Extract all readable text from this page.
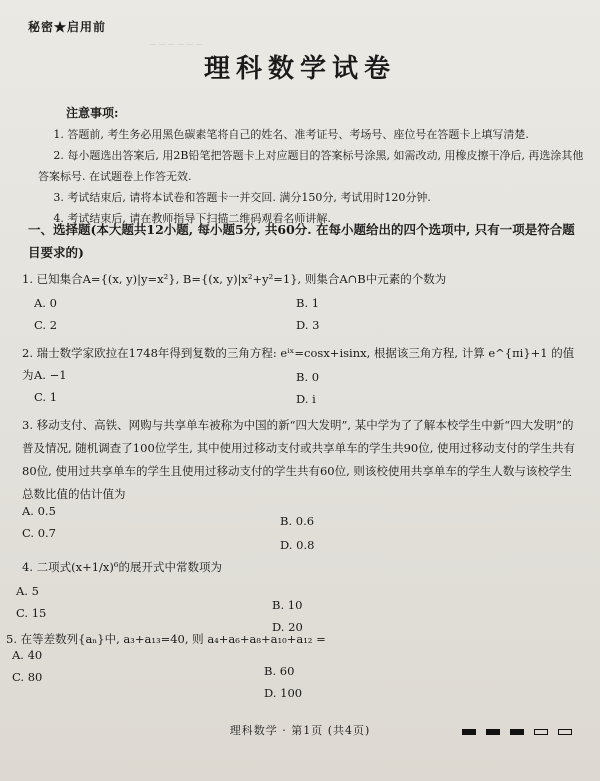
─ ─ ─ ─ ─ ─
秘密★启用前
理科数学试卷
注意事项:

1. 答题前, 考生务必用黑色碳素笔将自己的姓名、准考证号、考场号、座位号在答题卡上填写清楚.

2. 每小题选出答案后, 用2B铅笔把答题卡上对应题目的答案标号涂黑, 如需改动, 用橡皮擦干净后, 再选涂其他答案标号. 在试题卷上作答无效.

3. 考试结束后, 请将本试卷和答题卡一并交回. 满分150分, 考试用时120分钟.

4. 考试结束后, 请在教师指导下扫描二维码观看名师讲解.

一、选择题(本大题共12小题, 每小题5分, 共60分. 在每小题给出的四个选项中, 只有一项是符合题目要求的)
1. 已知集合A={(x, y)|y=x²}, B={(x, y)|x²+y²=1}, 则集合A∩B中元素的个数为
A. 0	B. 1
C. 2	D. 3
2. 瑞士数学家欧拉在1748年得到复数的三角方程: eⁱˣ=cosx+isinx, 根据该三角方程, 计算 e^{πi}+1 的值为 A. −1	B. 0
C. 1	D. i
3. 移动支付、高铁、网购与共享单车被称为中国的新“四大发明”, 某中学为了了解本校学生中新“四大发明”的普及情况, 随机调查了100位学生, 其中使用过移动支付或共享单车的学生共90位, 使用过移动支付的学生共有80位, 使用过共享单车的学生且使用过移动支付的学生共有60位, 则该校使用共享单车的学生人数与该校学生总数比值的估计值为
A. 0.5
B. 0.6
C. 0.7
D. 0.8
4. 二项式(x+1/x)⁶的展开式中常数项为
A. 5
B. 10
C. 15
D. 20
5. 在等差数列{aₙ}中, a₃+a₁₃=40, 则 a₄+a₆+a₈+a₁₀+a₁₂ =
A. 40
B. 60
C. 80
D. 100
理科数学 · 第1页 (共4页)
